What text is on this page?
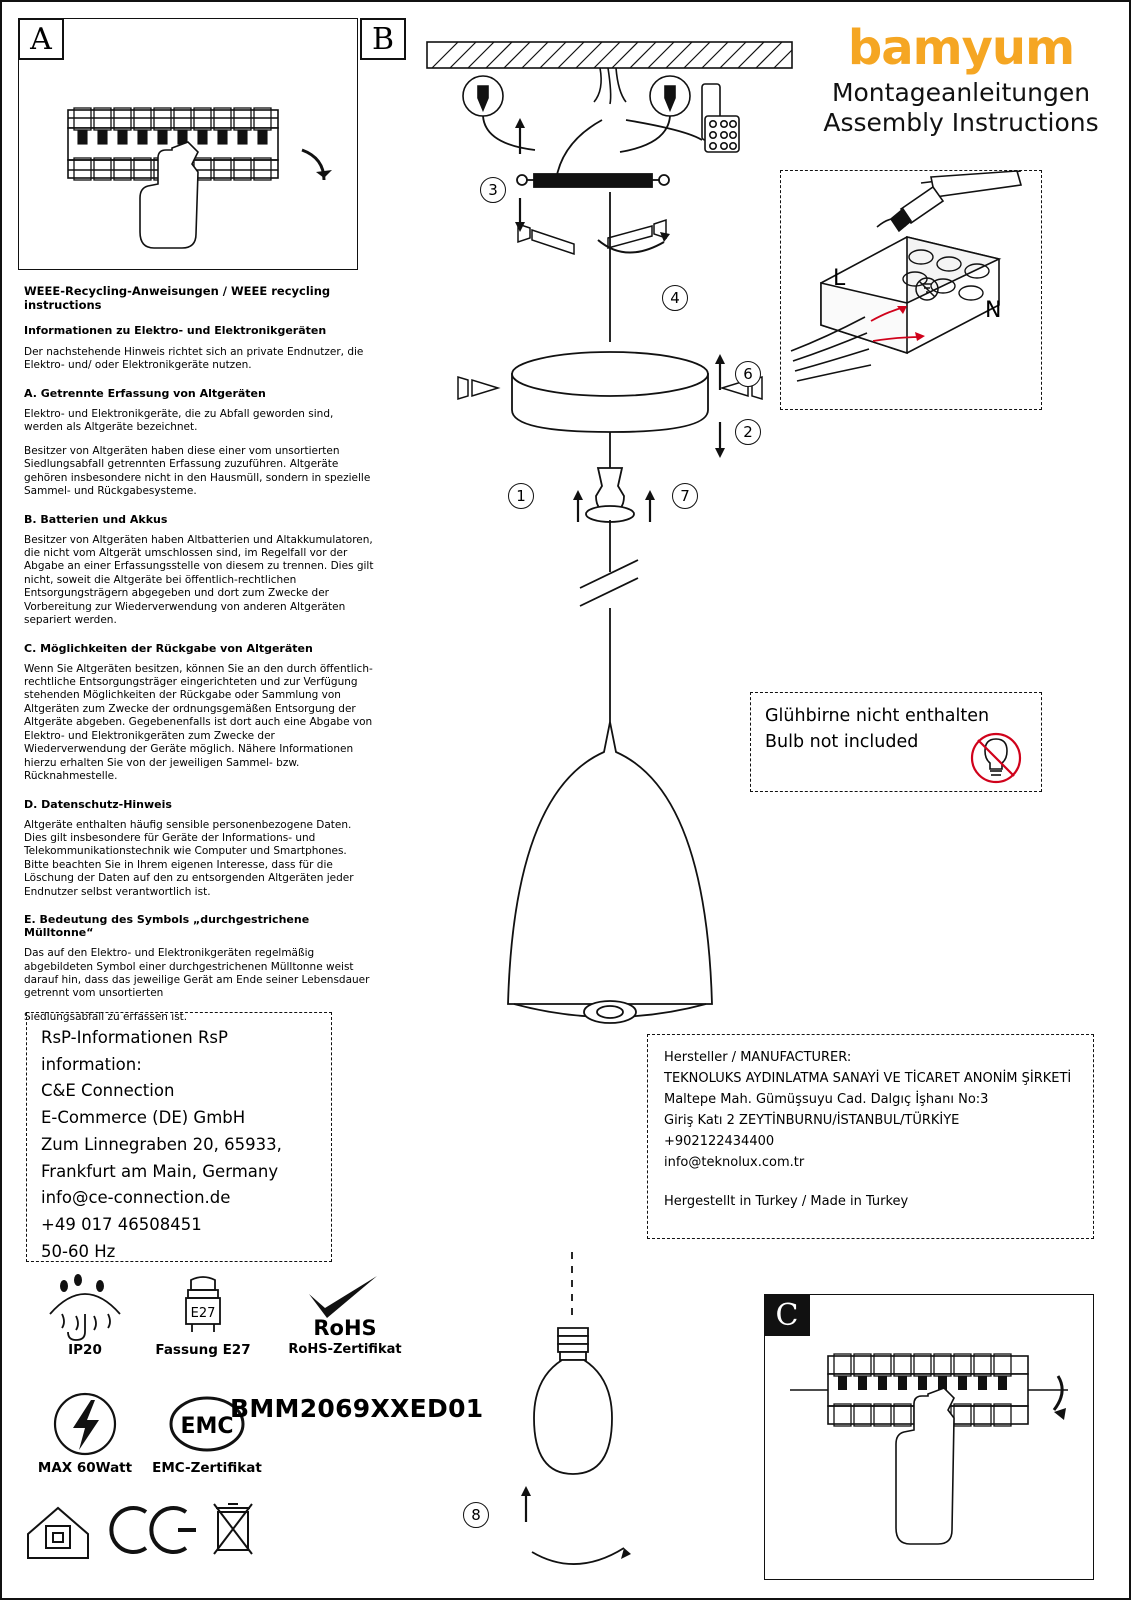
A	B	bamyum
Montageanleitungen
Assembly Instructions
3
4
6
2
1	7
8
L
N
WEEE-Recycling-Anweisungen / WEEE recycling instructions
Informationen zu Elektro- und Elektronikgeräten

Der nachstehende Hinweis richtet sich an private Endnutzer, die Elektro- und/ oder Elektronikgeräte nutzen.

A. Getrennte Erfassung von Altgeräten

Elektro- und Elektronikgeräte, die zu Abfall geworden sind, werden als Altgeräte bezeichnet.

Besitzer von Altgeräten haben diese einer vom unsortierten Siedlungsabfall getrennten Erfassung zuzuführen. Altgeräte gehören insbesondere nicht in den Hausmüll, sondern in spezielle Sammel- und Rückgabesysteme.

B. Batterien und Akkus

Besitzer von Altgeräten haben Altbatterien und Altakkumulatoren, die nicht vom Altgerät umschlossen sind, im Regelfall vor der Abgabe an einer Erfassungsstelle von diesem zu trennen. Dies gilt nicht, soweit die Altgeräte bei öffentlich-rechtlichen Entsorgungsträgern abgegeben und dort zum Zwecke der Vorbereitung zur Wiederverwendung von anderen Altgeräten separiert werden.

C. Möglichkeiten der Rückgabe von Altgeräten

Wenn Sie Altgeräten besitzen, können Sie an den durch öffentlich-rechtliche Entsorgungsträger eingerichteten und zur Verfügung stehenden Möglichkeiten der Rückgabe oder Sammlung von Altgeräten zum Zwecke der ordnungsgemäßen Entsorgung der Altgeräte abgeben. Gegebenenfalls ist dort auch eine Abgabe von Elektro- und Elektronikgeräten zum Zwecke der Wiederverwendung der Geräte möglich. Nähere Informationen hierzu erhalten Sie von der jeweiligen Sammel- bzw. Rücknahmestelle.

D. Datenschutz-Hinweis

Altgeräte enthalten häufig sensible personenbezogene Daten. Dies gilt insbesondere für Geräte der Informations- und Telekommunikationstechnik wie Computer und Smartphones. Bitte beachten Sie in Ihrem eigenen Interesse, dass für die Löschung der Daten auf den zu entsorgenden Altgeräten jeder Endnutzer selbst verantwortlich ist.

E. Bedeutung des Symbols „durchgestrichene Mülltonne“

Das auf den Elektro- und Elektronikgeräten regelmäßig abgebildeten Symbol einer durchgestrichenen Mülltonne weist darauf hin, dass das jeweilige Gerät am Ende seiner Lebensdauer getrennt vom unsortierten

Siedlungsabfall zu erfassen ist.

Glühbirne nicht enthalten
Bulb not included
RsP-Informationen RsP information:
C&E Connection
E-Commerce (DE) GmbH
Zum Linnegraben 20, 65933,
Frankfurt am Main, Germany
info@ce-connection.de
+49 017 46508451
50-60 Hz
Hersteller / MANUFACTURER:
TEKNOLUKS AYDINLATMA SANAYİ VE TİCARET ANONİM ŞİRKETİ
Maltepe Mah. Gümüşsuyu Cad. Dalgıç İşhanı No:3
Giriş Katı 2 ZEYTİNBURNU/İSTANBUL/TÜRKİYE
+902122434400
info@teknolux.com.tr
Hergestellt in Turkey / Made in Turkey
IP20
E27
Fassung E27
RoHS
RoHS-Zertifikat
MAX 60Watt
EMC
EMC-Zertifikat
BMM2069XXED01
C
